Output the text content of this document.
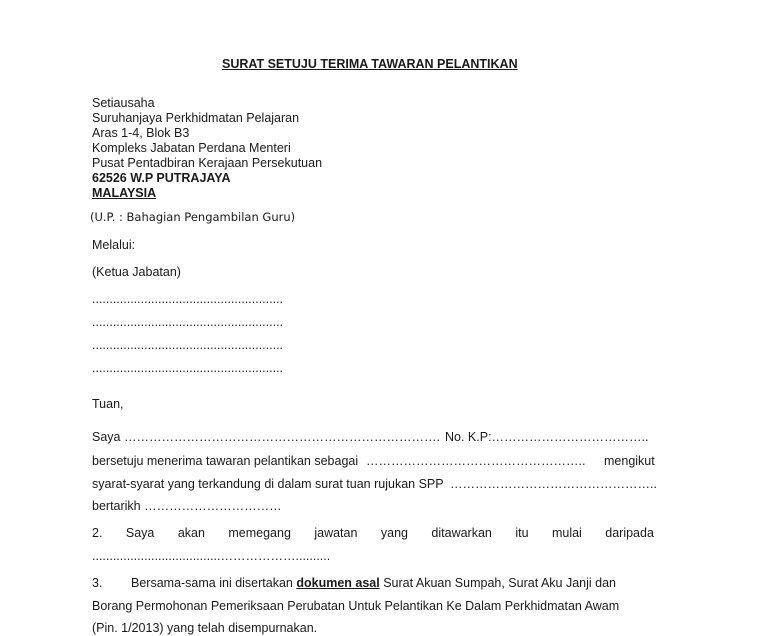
SURAT SETUJU TERIMA TAWARAN PELANTIKAN
Setiausaha
Suruhanjaya Perkhidmatan Pelajaran
Aras 1-4, Blok B3
Kompleks Jabatan Perdana Menteri
Pusat Pentadbiran Kerajaan Persekutuan
62526 W.P PUTRAJAYA
MALAYSIA
(U.P. : Bahagian Pengambilan Guru)
Melalui:
(Ketua Jabatan)
.......................................................
.......................................................
.......................................................
.......................................................
Tuan,
Saya …………………………………………………………………. No. K.P:………………………………..
bersetuju menerima tawaran pelantikan sebagai …………………………………………….. mengikut
syarat-syarat yang terkandung di dalam surat tuan rujukan SPP …………………………………………..
bertarikh ……………………………
2. Saya akan memegang jawatan yang ditawarkan itu mulai daripada
.....................................………………..........
3. Bersama-sama ini disertakan dokumen asal Surat Akuan Sumpah, Surat Aku Janji dan
Borang Permohonan Pemeriksaan Perubatan Untuk Pelantikan Ke Dalam Perkhidmatan Awam
(Pin. 1/2013) yang telah disempurnakan.
